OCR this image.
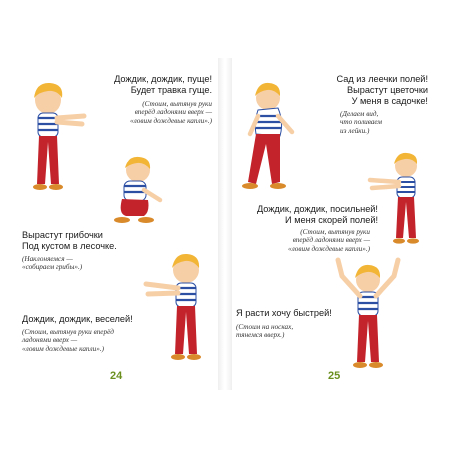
Дождик, дождик, пуще!
Будет травка гуще.
(Стоим, вытянув руки
вперёд ладонями вверх —
«ловим дождевые капли».)
Вырастут грибочки
Под кустом в лесочке.
(Наклоняемся —
«собираем грибы».)
Дождик, дождик, веселей!
(Стоим, вытянув руки вперёд
ладонями вверх —
«ловим дождевые капли».)
24
Сад из леечки полей!
Вырастут цветочки
У меня в садочке!
(Делаем вид,
что поливаем
из лейки.)
Дождик, дождик, посильней!
И меня скорей полей!
(Стоим, вытянув руки
вперёд ладонями вверх —
«ловим дождевые капли».)
Я расти хочу быстрей!
(Стоим на носках,
тянемся вверх.)
25
